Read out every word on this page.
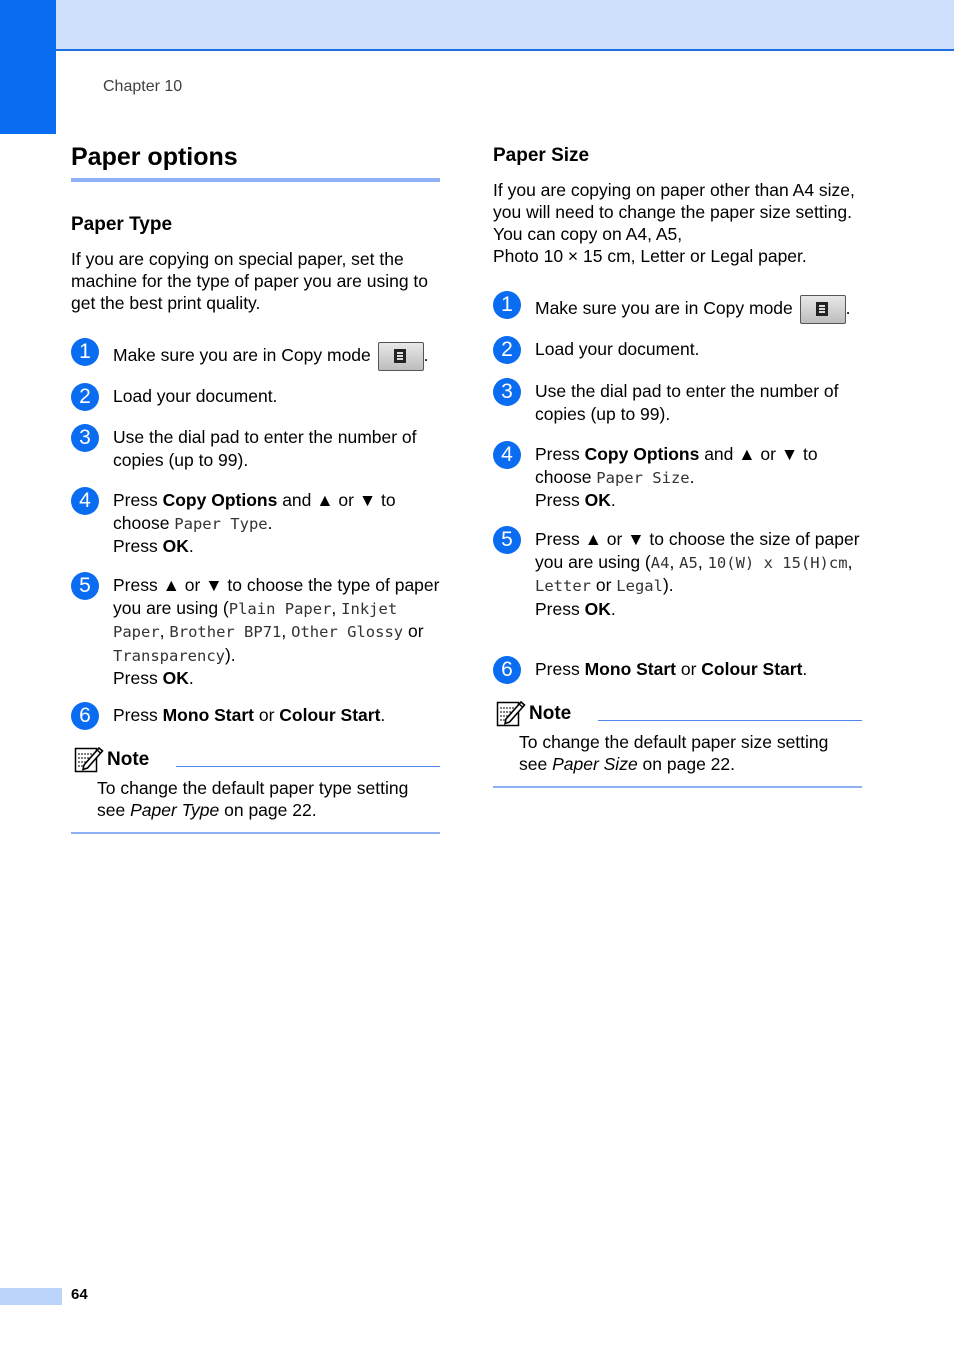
Chapter 10
Paper options
Paper Type
If you are copying on special paper, set the machine for the type of paper you are using to get the best print quality.
1	Make sure you are in Copy mode	.
2	Load your document.
3	Use the dial pad to enter the number of copies (up to 99).
4	Press Copy Options and ▲ or ▼ to choose Paper Type.
Press OK.
5	Press ▲ or ▼ to choose the type of paper you are using (Plain Paper, Inkjet Paper, Brother BP71, Other Glossy or Transparency).
Press OK.
6	Press Mono Start or Colour Start.
Note
To change the default paper type setting see Paper Type on page 22.
Paper Size
If you are copying on paper other than A4 size, you will need to change the paper size setting. You can copy on A4, A5,
Photo 10 × 15 cm, Letter or Legal paper.
1	Make sure you are in Copy mode	.
2	Load your document.
3	Use the dial pad to enter the number of copies (up to 99).
4	Press Copy Options and ▲ or ▼ to choose Paper Size.
Press OK.
5	Press ▲ or ▼ to choose the size of paper you are using (A4, A5, 10(W) x 15(H)cm, Letter or Legal).
Press OK.
6	Press Mono Start or Colour Start.
Note
To change the default paper size setting see Paper Size on page 22.
64
